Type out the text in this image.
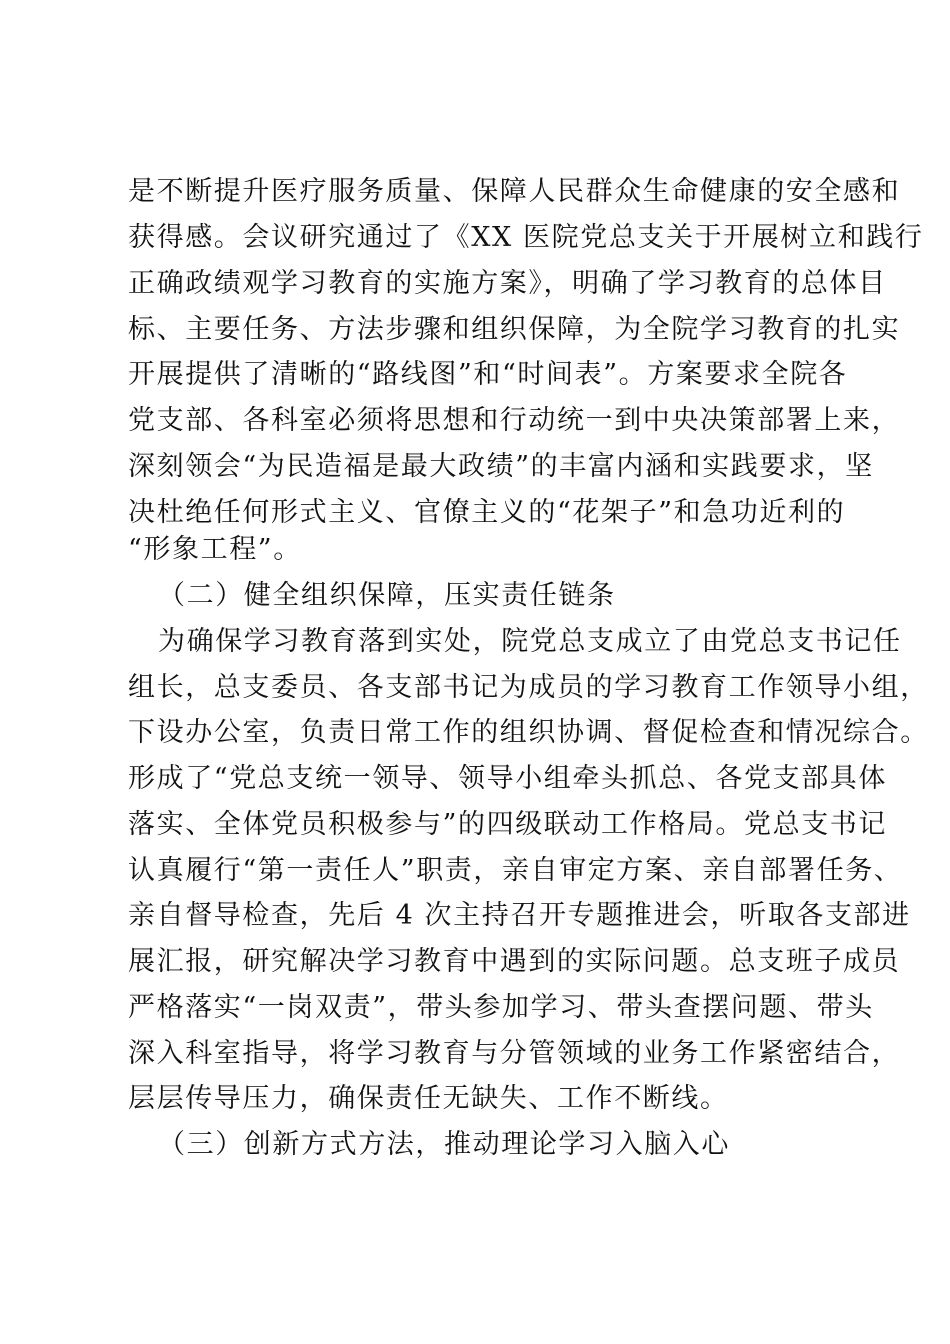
是不断提升医疗服务质量、保障人民群众生命健康的安全感和
获得感。会议研究通过了《XX 医院党总支关于开展树立和践行
正确政绩观学习教育的实施方案》，明确了学习教育的总体目
标、主要任务、方法步骤和组织保障，为全院学习教育的扎实
开展提供了清晰的“路线图”和“时间表”。方案要求全院各
党支部、各科室必须将思想和行动统一到中央决策部署上来，
深刻领会“为民造福是最大政绩”的丰富内涵和实践要求，坚
决杜绝任何形式主义、官僚主义的“花架子”和急功近利的
“形象工程”。
（二）健全组织保障，压实责任链条
为确保学习教育落到实处，院党总支成立了由党总支书记任
组长，总支委员、各支部书记为成员的学习教育工作领导小组，
下设办公室，负责日常工作的组织协调、督促检查和情况综合。
形成了“党总支统一领导、领导小组牵头抓总、各党支部具体
落实、全体党员积极参与”的四级联动工作格局。党总支书记
认真履行“第一责任人”职责，亲自审定方案、亲自部署任务、
亲自督导检查，先后 4 次主持召开专题推进会，听取各支部进
展汇报，研究解决学习教育中遇到的实际问题。总支班子成员
严格落实“一岗双责”，带头参加学习、带头查摆问题、带头
深入科室指导，将学习教育与分管领域的业务工作紧密结合，
层层传导压力，确保责任无缺失、工作不断线。
（三）创新方式方法，推动理论学习入脑入心
